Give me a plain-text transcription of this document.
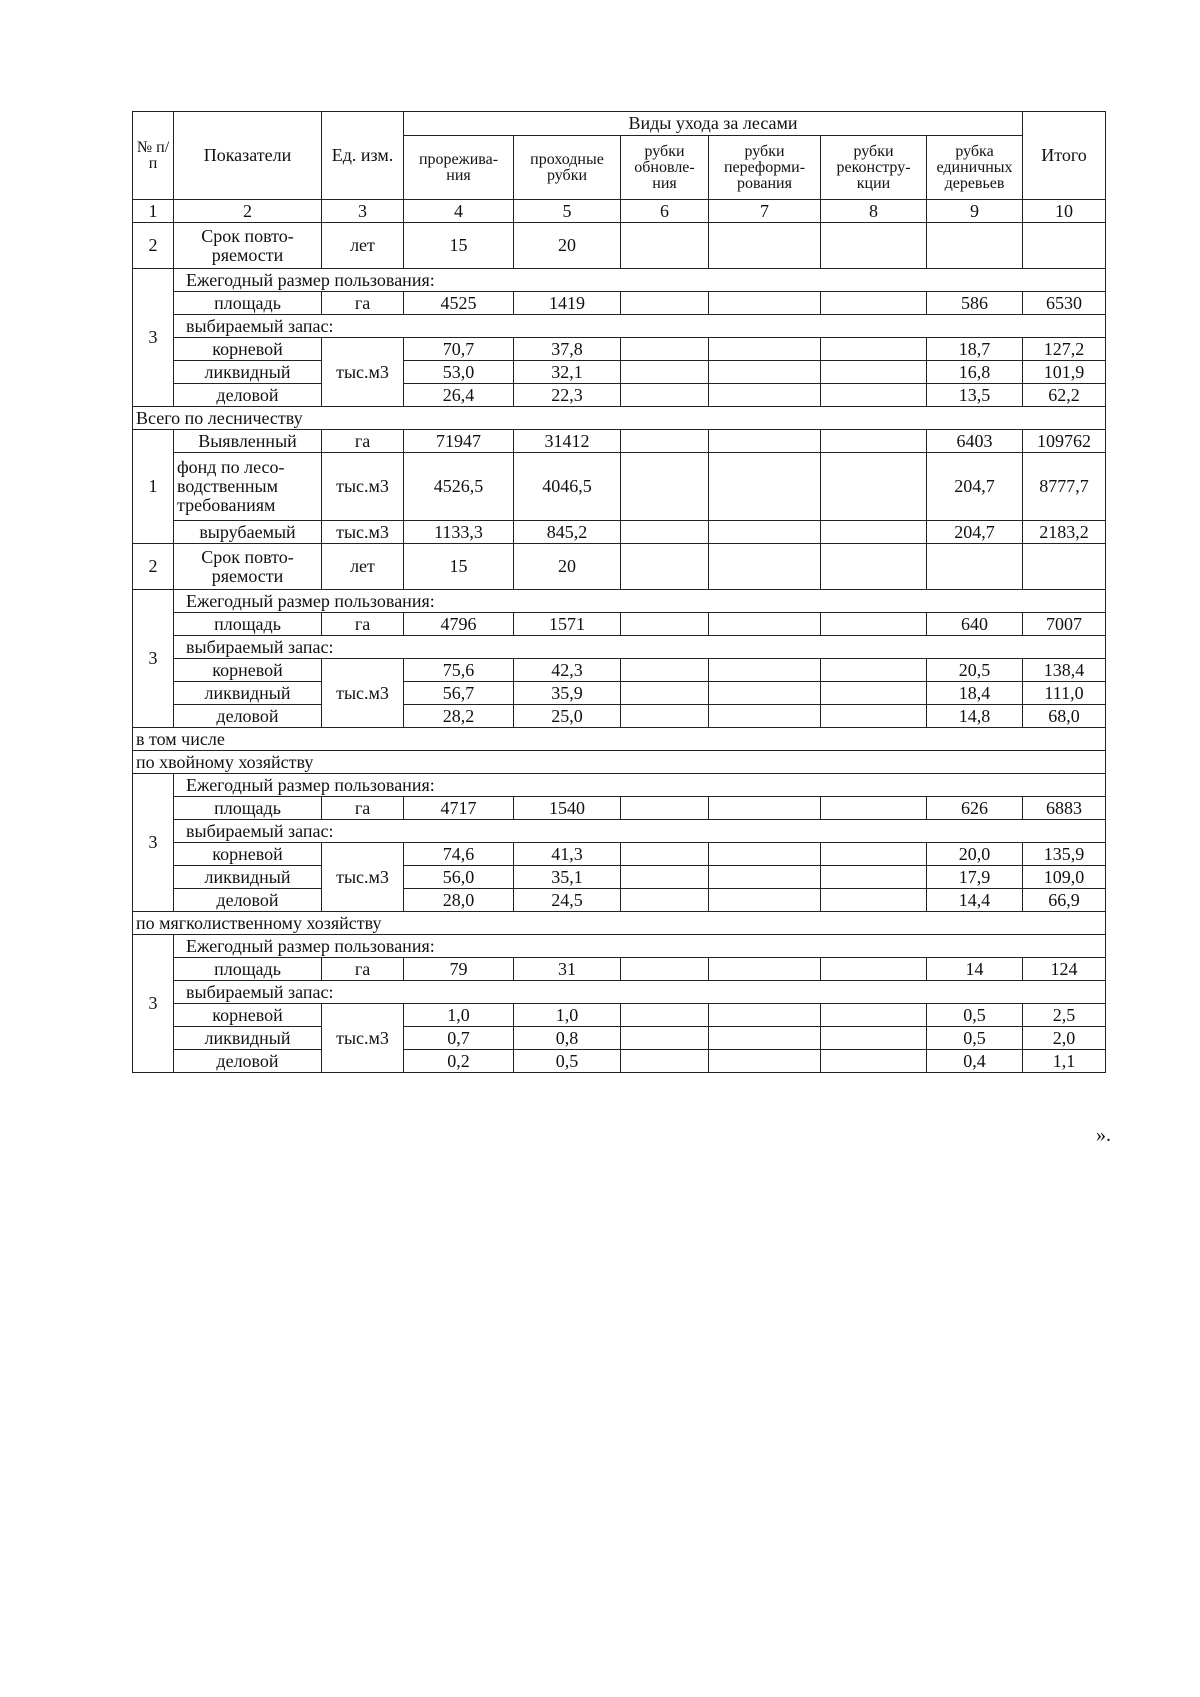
№ п/ п	Показатели	Ед. изм.	Виды ухода за лесами						Итого
			прорежива-ния	проходные рубки	рубки обновле-ния	рубки переформи-рования	рубки реконстру-кции	рубка единичных деревьев	
1	2	3	4	5	6	7	8	9	10
2	Срок повто-ряемости	лет	15	20					
3	Ежегодный размер пользования:								
	площадь	га	4525	1419				586	6530
	выбираемый запас:								
	корневой	тыс.м3	70,7	37,8				18,7	127,2
	ликвидный		53,0	32,1				16,8	101,9
	деловой		26,4	22,3				13,5	62,2
Всего по лесничеству									
1	Выявленный	га	71947	31412				6403	109762
	фонд по лесо-водственным требованиям	тыс.м3	4526,5	4046,5				204,7	8777,7
	вырубаемый	тыс.м3	1133,3	845,2				204,7	2183,2
2	Срок повто-ряемости	лет	15	20					
3	Ежегодный размер пользования:								
	площадь	га	4796	1571				640	7007
	выбираемый запас:								
	корневой	тыс.м3	75,6	42,3				20,5	138,4
	ликвидный		56,7	35,9				18,4	111,0
	деловой		28,2	25,0				14,8	68,0
в том числе									
по хвойному хозяйству									
3	Ежегодный размер пользования:								
	площадь	га	4717	1540				626	6883
	выбираемый запас:								
	корневой	тыс.м3	74,6	41,3				20,0	135,9
	ликвидный		56,0	35,1				17,9	109,0
	деловой		28,0	24,5				14,4	66,9
по мягколиственному хозяйству									
3	Ежегодный размер пользования:								
	площадь	га	79	31				14	124
	выбираемый запас:								
	корневой	тыс.м3	1,0	1,0				0,5	2,5
	ликвидный		0,7	0,8				0,5	2,0
	деловой		0,2	0,5				0,4	1,1
».
